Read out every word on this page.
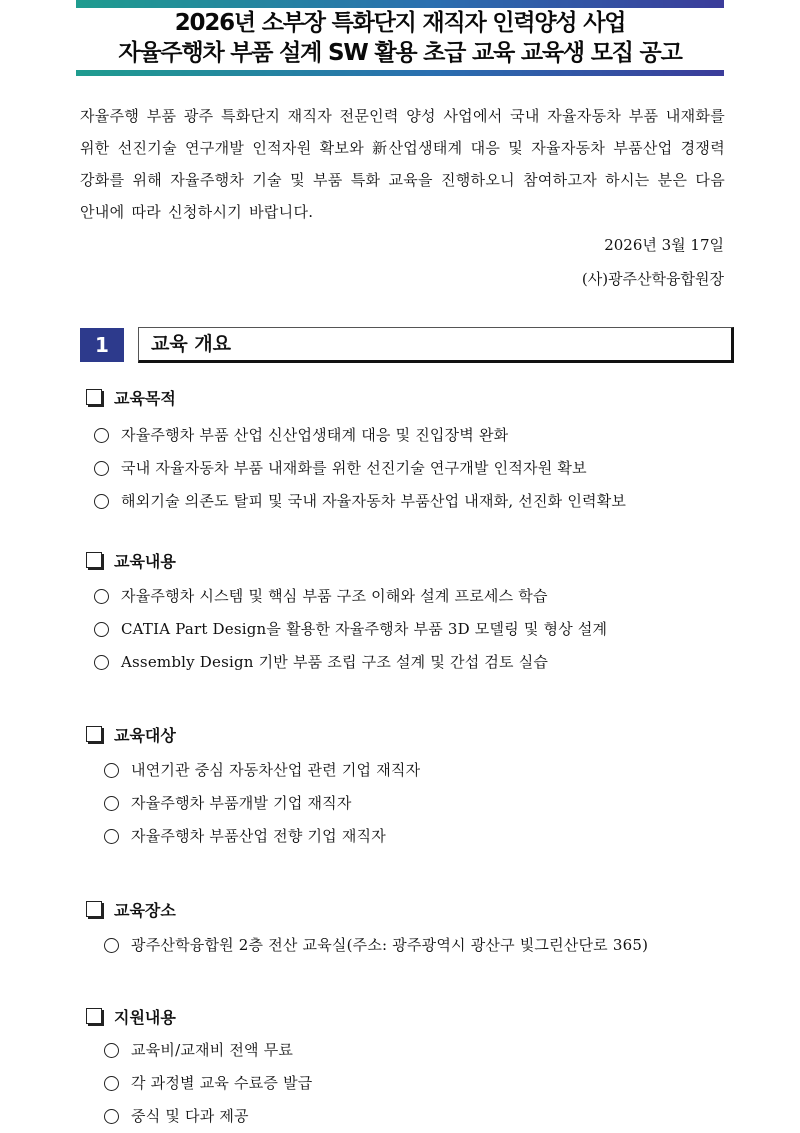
2026년 소부장 특화단지 재직자 인력양성 사업
자율주행차 부품 설계 SW 활용 초급 교육 교육생 모집 공고
자율주행 부품 광주 특화단지 재직자 전문인력 양성 사업에서 국내 자율자동차 부품 내재화를 위한 선진기술 연구개발 인적자원 확보와 新산업생태계 대응 및 자율자동차 부품산업 경쟁력 강화를 위해 자율주행차 기술 및 부품 특화 교육을 진행하오니 참여하고자 하시는 분은 다음 안내에 따라 신청하시기 바랍니다.
2026년 3월 17일
(사)광주산학융합원장
1	교육 개요
교육목적
자율주행차 부품 산업 신산업생태계 대응 및 진입장벽 완화
국내 자율자동차 부품 내재화를 위한 선진기술 연구개발 인적자원 확보
해외기술 의존도 탈피 및 국내 자율자동차 부품산업 내재화, 선진화 인력확보
교육내용
자율주행차 시스템 및 핵심 부품 구조 이해와 설계 프로세스 학습
CATIA Part Design을 활용한 자율주행차 부품 3D 모델링 및 형상 설계
Assembly Design 기반 부품 조립 구조 설계 및 간섭 검토 실습
교육대상
내연기관 중심 자동차산업 관련 기업 재직자
자율주행차 부품개발 기업 재직자
자율주행차 부품산업 전향 기업 재직자
교육장소
광주산학융합원 2층 전산 교육실(주소: 광주광역시 광산구 빛그린산단로 365)
지원내용
교육비/교재비 전액 무료
각 과정별 교육 수료증 발급
중식 및 다과 제공
